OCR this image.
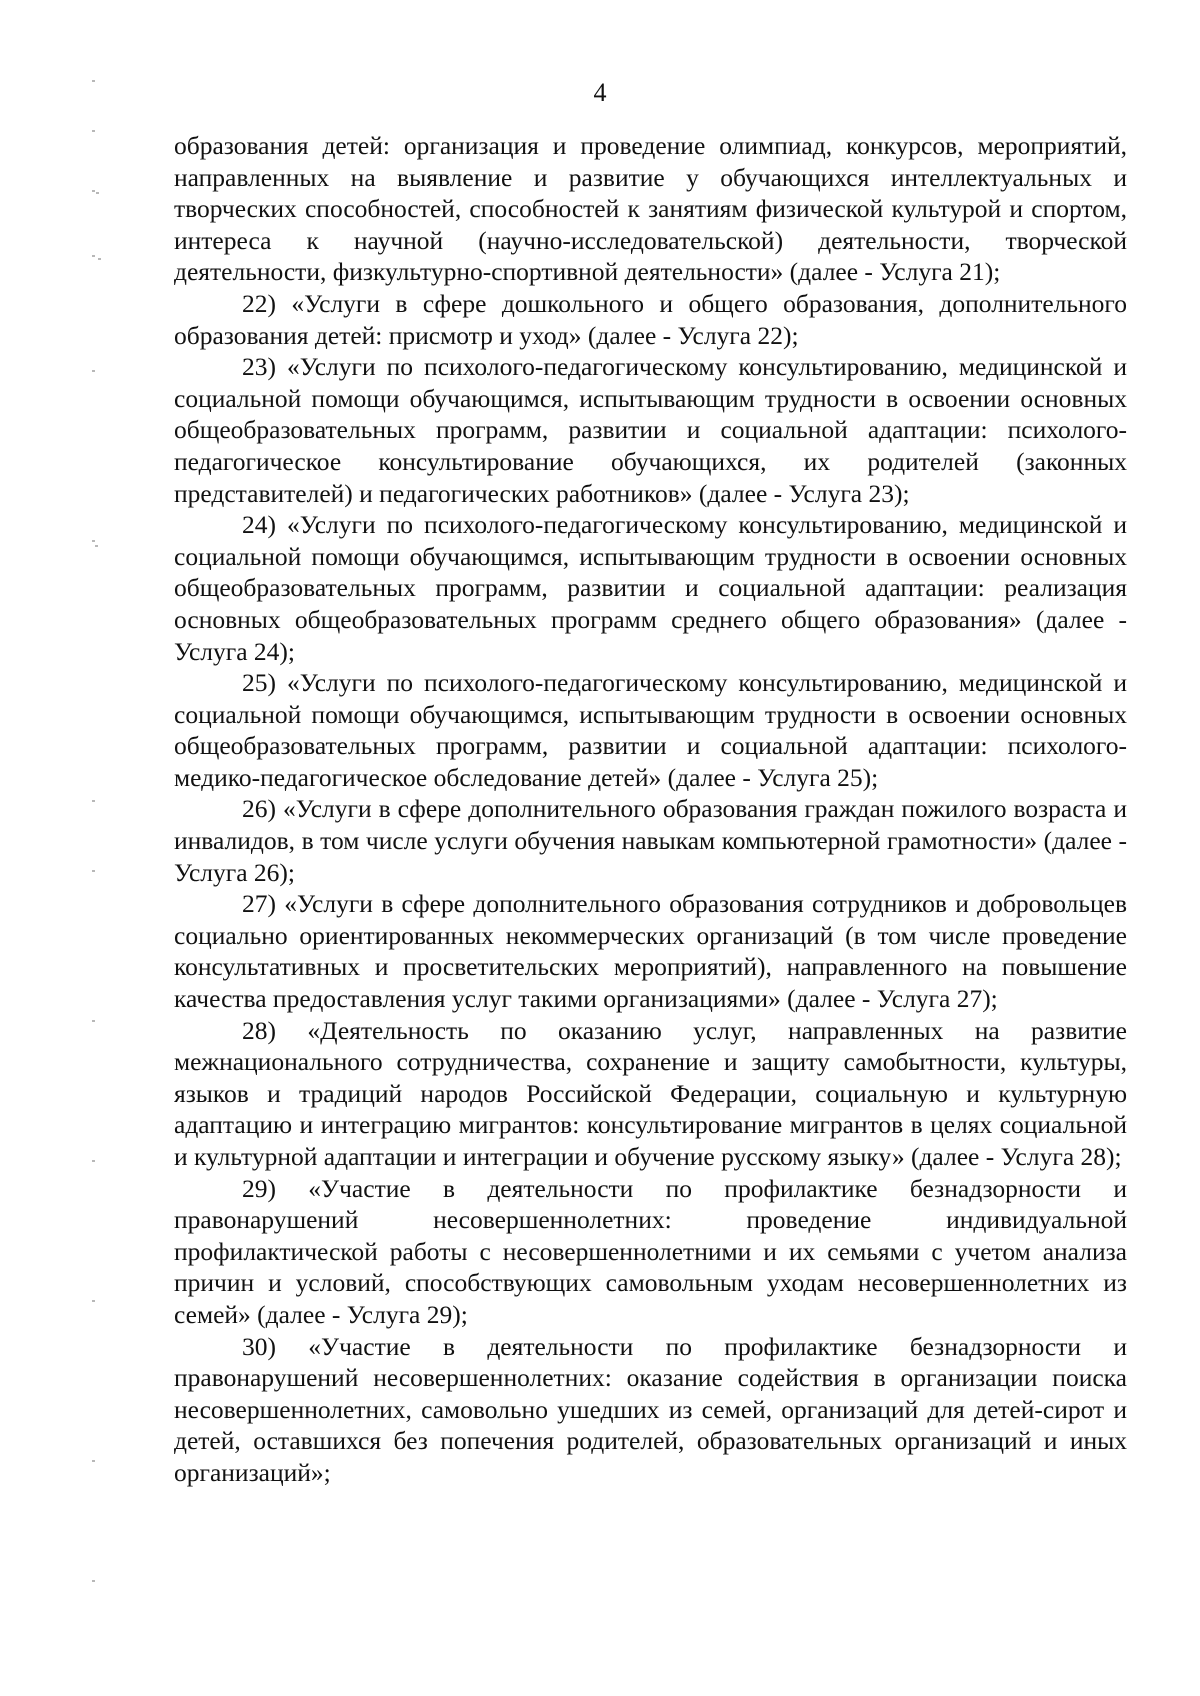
4

образования детей: организация и проведение олимпиад, конкурсов, мероприятий, направленных на выявление и развитие у обучающихся интеллектуальных и творческих способностей, способностей к занятиям физической культурой и спортом, интереса к научной (научно-исследовательской) деятельности, творческой деятельности, физкультурно-спортивной деятельности» (далее - Услуга 21);

22) «Услуги в сфере дошкольного и общего образования, дополнительного образования детей: присмотр и уход» (далее - Услуга 22);

23) «Услуги по психолого-педагогическому консультированию, медицинской и социальной помощи обучающимся, испытывающим трудности в освоении основных общеобразовательных программ, развитии и социальной адаптации: психолого-педагогическое консультирование обучающихся, их родителей (законных представителей) и педагогических работников» (далее - Услуга 23);

24) «Услуги по психолого-педагогическому консультированию, медицинской и социальной помощи обучающимся, испытывающим трудности в освоении основных общеобразовательных программ, развитии и социальной адаптации: реализация основных общеобразовательных программ среднего общего образования» (далее - Услуга 24);

25) «Услуги по психолого-педагогическому консультированию, медицинской и социальной помощи обучающимся, испытывающим трудности в освоении основных общеобразовательных программ, развитии и социальной адаптации: психолого-медико-педагогическое обследование детей» (далее - Услуга 25);

26) «Услуги в сфере дополнительного образования граждан пожилого возраста и инвалидов, в том числе услуги обучения навыкам компьютерной грамотности» (далее - Услуга 26);

27) «Услуги в сфере дополнительного образования сотрудников и добровольцев социально ориентированных некоммерческих организаций (в том числе проведение консультативных и просветительских мероприятий), направленного на повышение качества предоставления услуг такими организациями» (далее - Услуга 27);

28) «Деятельность по оказанию услуг, направленных на развитие межнационального сотрудничества, сохранение и защиту самобытности, культуры, языков и традиций народов Российской Федерации, социальную и культурную адаптацию и интеграцию мигрантов: консультирование мигрантов в целях социальной и культурной адаптации и интеграции и обучение русскому языку» (далее - Услуга 28);

29) «Участие в деятельности по профилактике безнадзорности и правонарушений несовершеннолетних: проведение индивидуальной профилактической работы с несовершеннолетними и их семьями с учетом анализа причин и условий, способствующих самовольным уходам несовершеннолетних из семей» (далее - Услуга 29);

30) «Участие в деятельности по профилактике безнадзорности и правонарушений несовершеннолетних: оказание содействия в организации поиска несовершеннолетних, самовольно ушедших из семей, организаций для детей-сирот и детей, оставшихся без попечения родителей, образовательных организаций и иных организаций»;
